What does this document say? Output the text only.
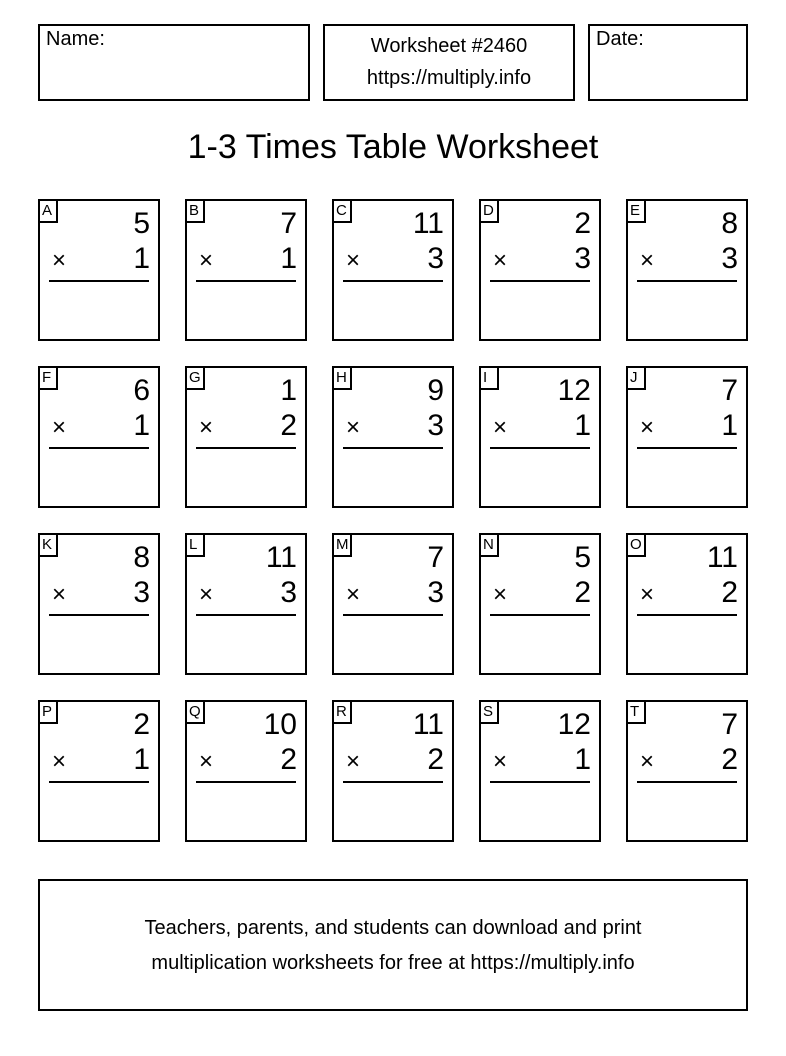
Name:	Worksheet #2460
https://multiply.info
Date:
1-3 Times Table Worksheet
A	5
× 1
B	7
× 1
C 11
× 3
D	2
× 3
E	8
× 3
F	6
× 1
G	1
× 2
H	9
× 3
I	12
× 1
J	7
× 1
K	8
× 3
L 11
× 3
M	7
× 3
N	5
× 2
O 11
× 2
P	2
× 1
Q 10
× 2
R 11
× 2
S 12
× 1
T	7
× 2
Teachers, parents, and students can download and print
multiplication worksheets for free at https://multiply.info
